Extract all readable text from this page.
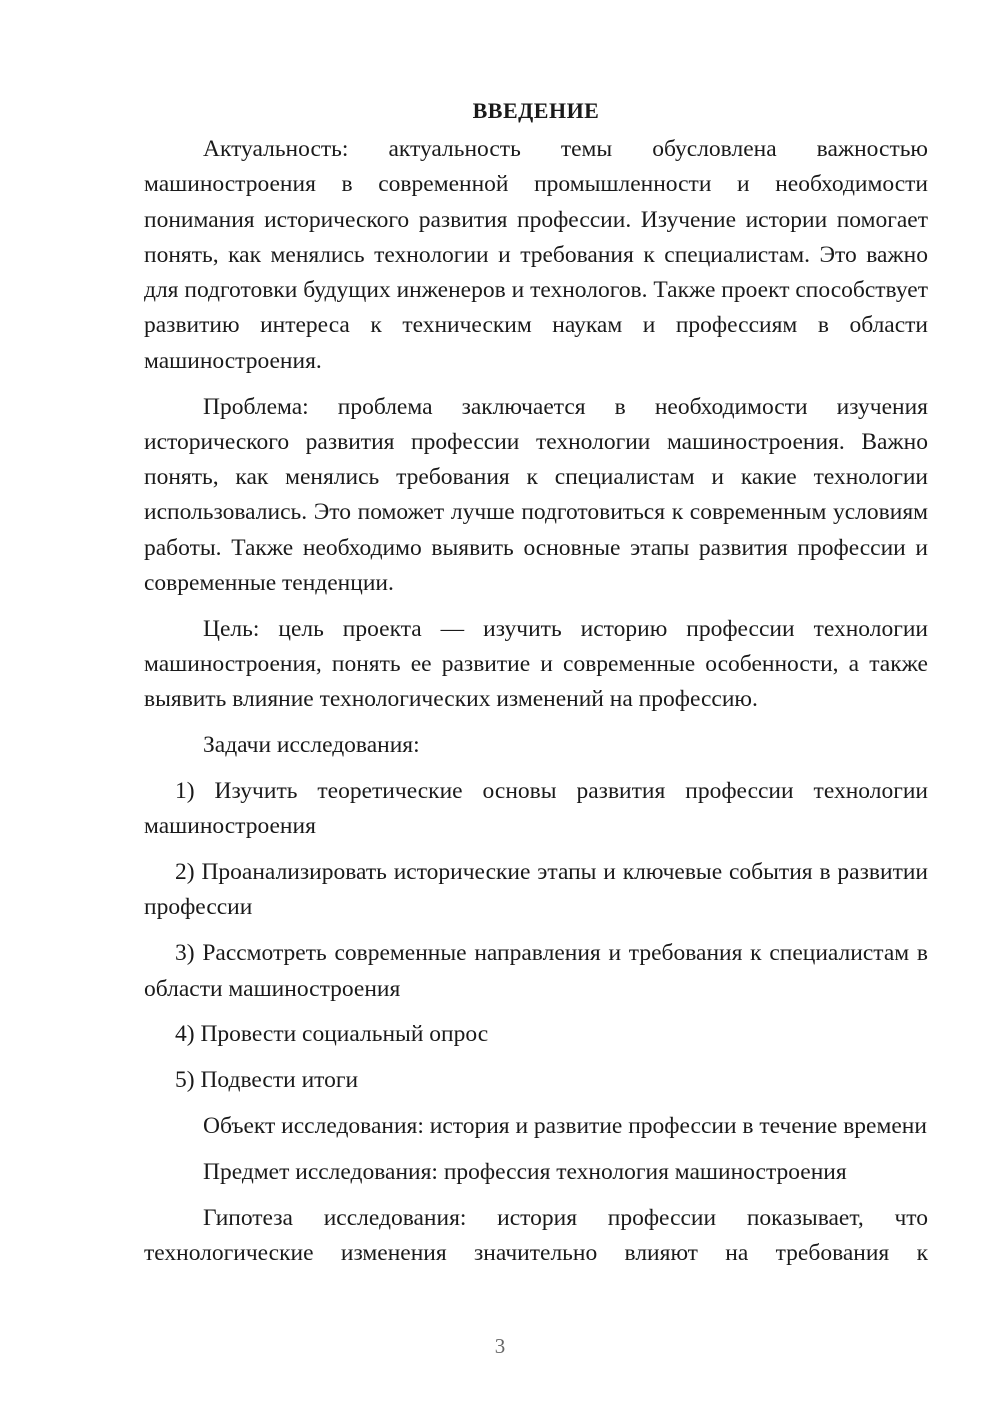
ВВЕДЕНИЕ

Актуальность: актуальность темы обусловлена важностью машиностроения в современной промышленности и необходимости понимания исторического развития профессии. Изучение истории помогает понять, как менялись технологии и требования к специалистам. Это важно для подготовки будущих инженеров и технологов. Также проект способствует развитию интереса к техническим наукам и профессиям в области машиностроения.

Проблема: проблема заключается в необходимости изучения исторического развития профессии технологии машиностроения. Важно понять, как менялись требования к специалистам и какие технологии использовались. Это поможет лучше подготовиться к современным условиям работы. Также необходимо выявить основные этапы развития профессии и современные тенденции.

Цель: цель проекта — изучить историю профессии технологии машиностроения, понять ее развитие и современные особенности, а также выявить влияние технологических изменений на профессию.

Задачи исследования:

1) Изучить теоретические основы развития профессии технологии машиностроения

2) Проанализировать исторические этапы и ключевые события в развитии профессии

3) Рассмотреть современные направления и требования к специалистам в области машиностроения

4) Провести социальный опрос

5) Подвести итоги

Объект исследования: история и развитие профессии в течение времени

Предмет исследования: профессия технология машиностроения

Гипотеза исследования: история профессии показывает, что технологические изменения значительно влияют на требования к

3
